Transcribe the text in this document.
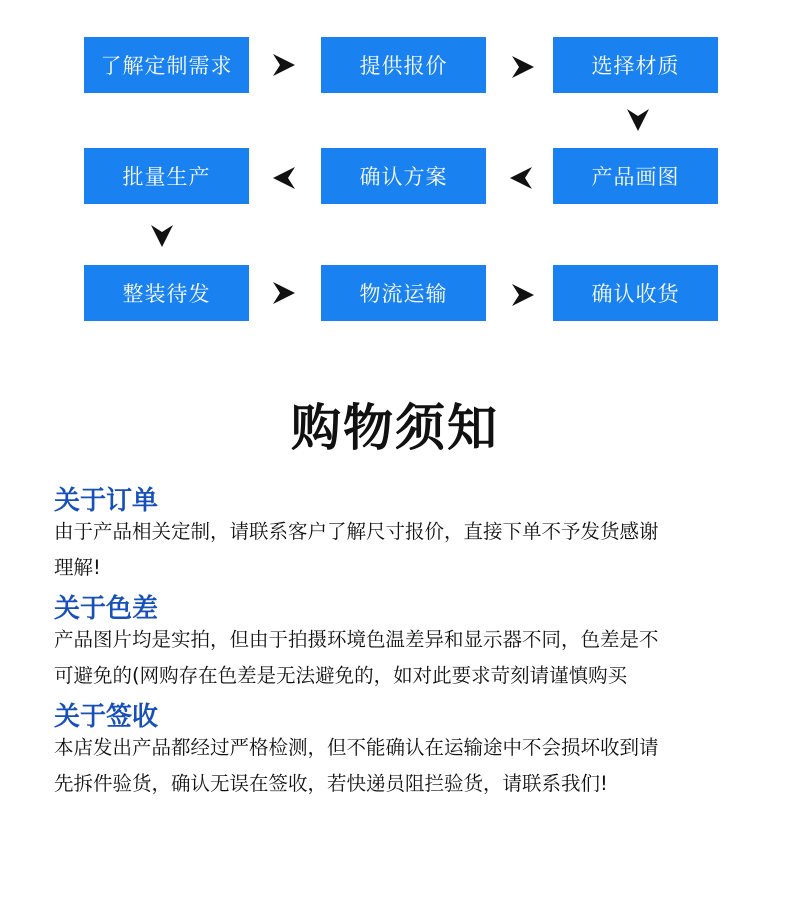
了解定制需求	提供报价	选择材质
产品画图
确认方案
批量生产
整装待发	物流运输	确认收货
购物须知
关于订单
由于产品相关定制，请联系客户了解尺寸报价，直接下单不予发货感谢
理解!
关于色差
产品图片均是实拍，但由于拍摄环境色温差异和显示器不同，色差是不
可避免的(网购存在色差是无法避免的，如对此要求苛刻请谨慎购买
关于签收
本店发出产品都经过严格检测，但不能确认在运输途中不会损坏收到请
先拆件验货，确认无误在签收，若快递员阻拦验货，请联系我们!
